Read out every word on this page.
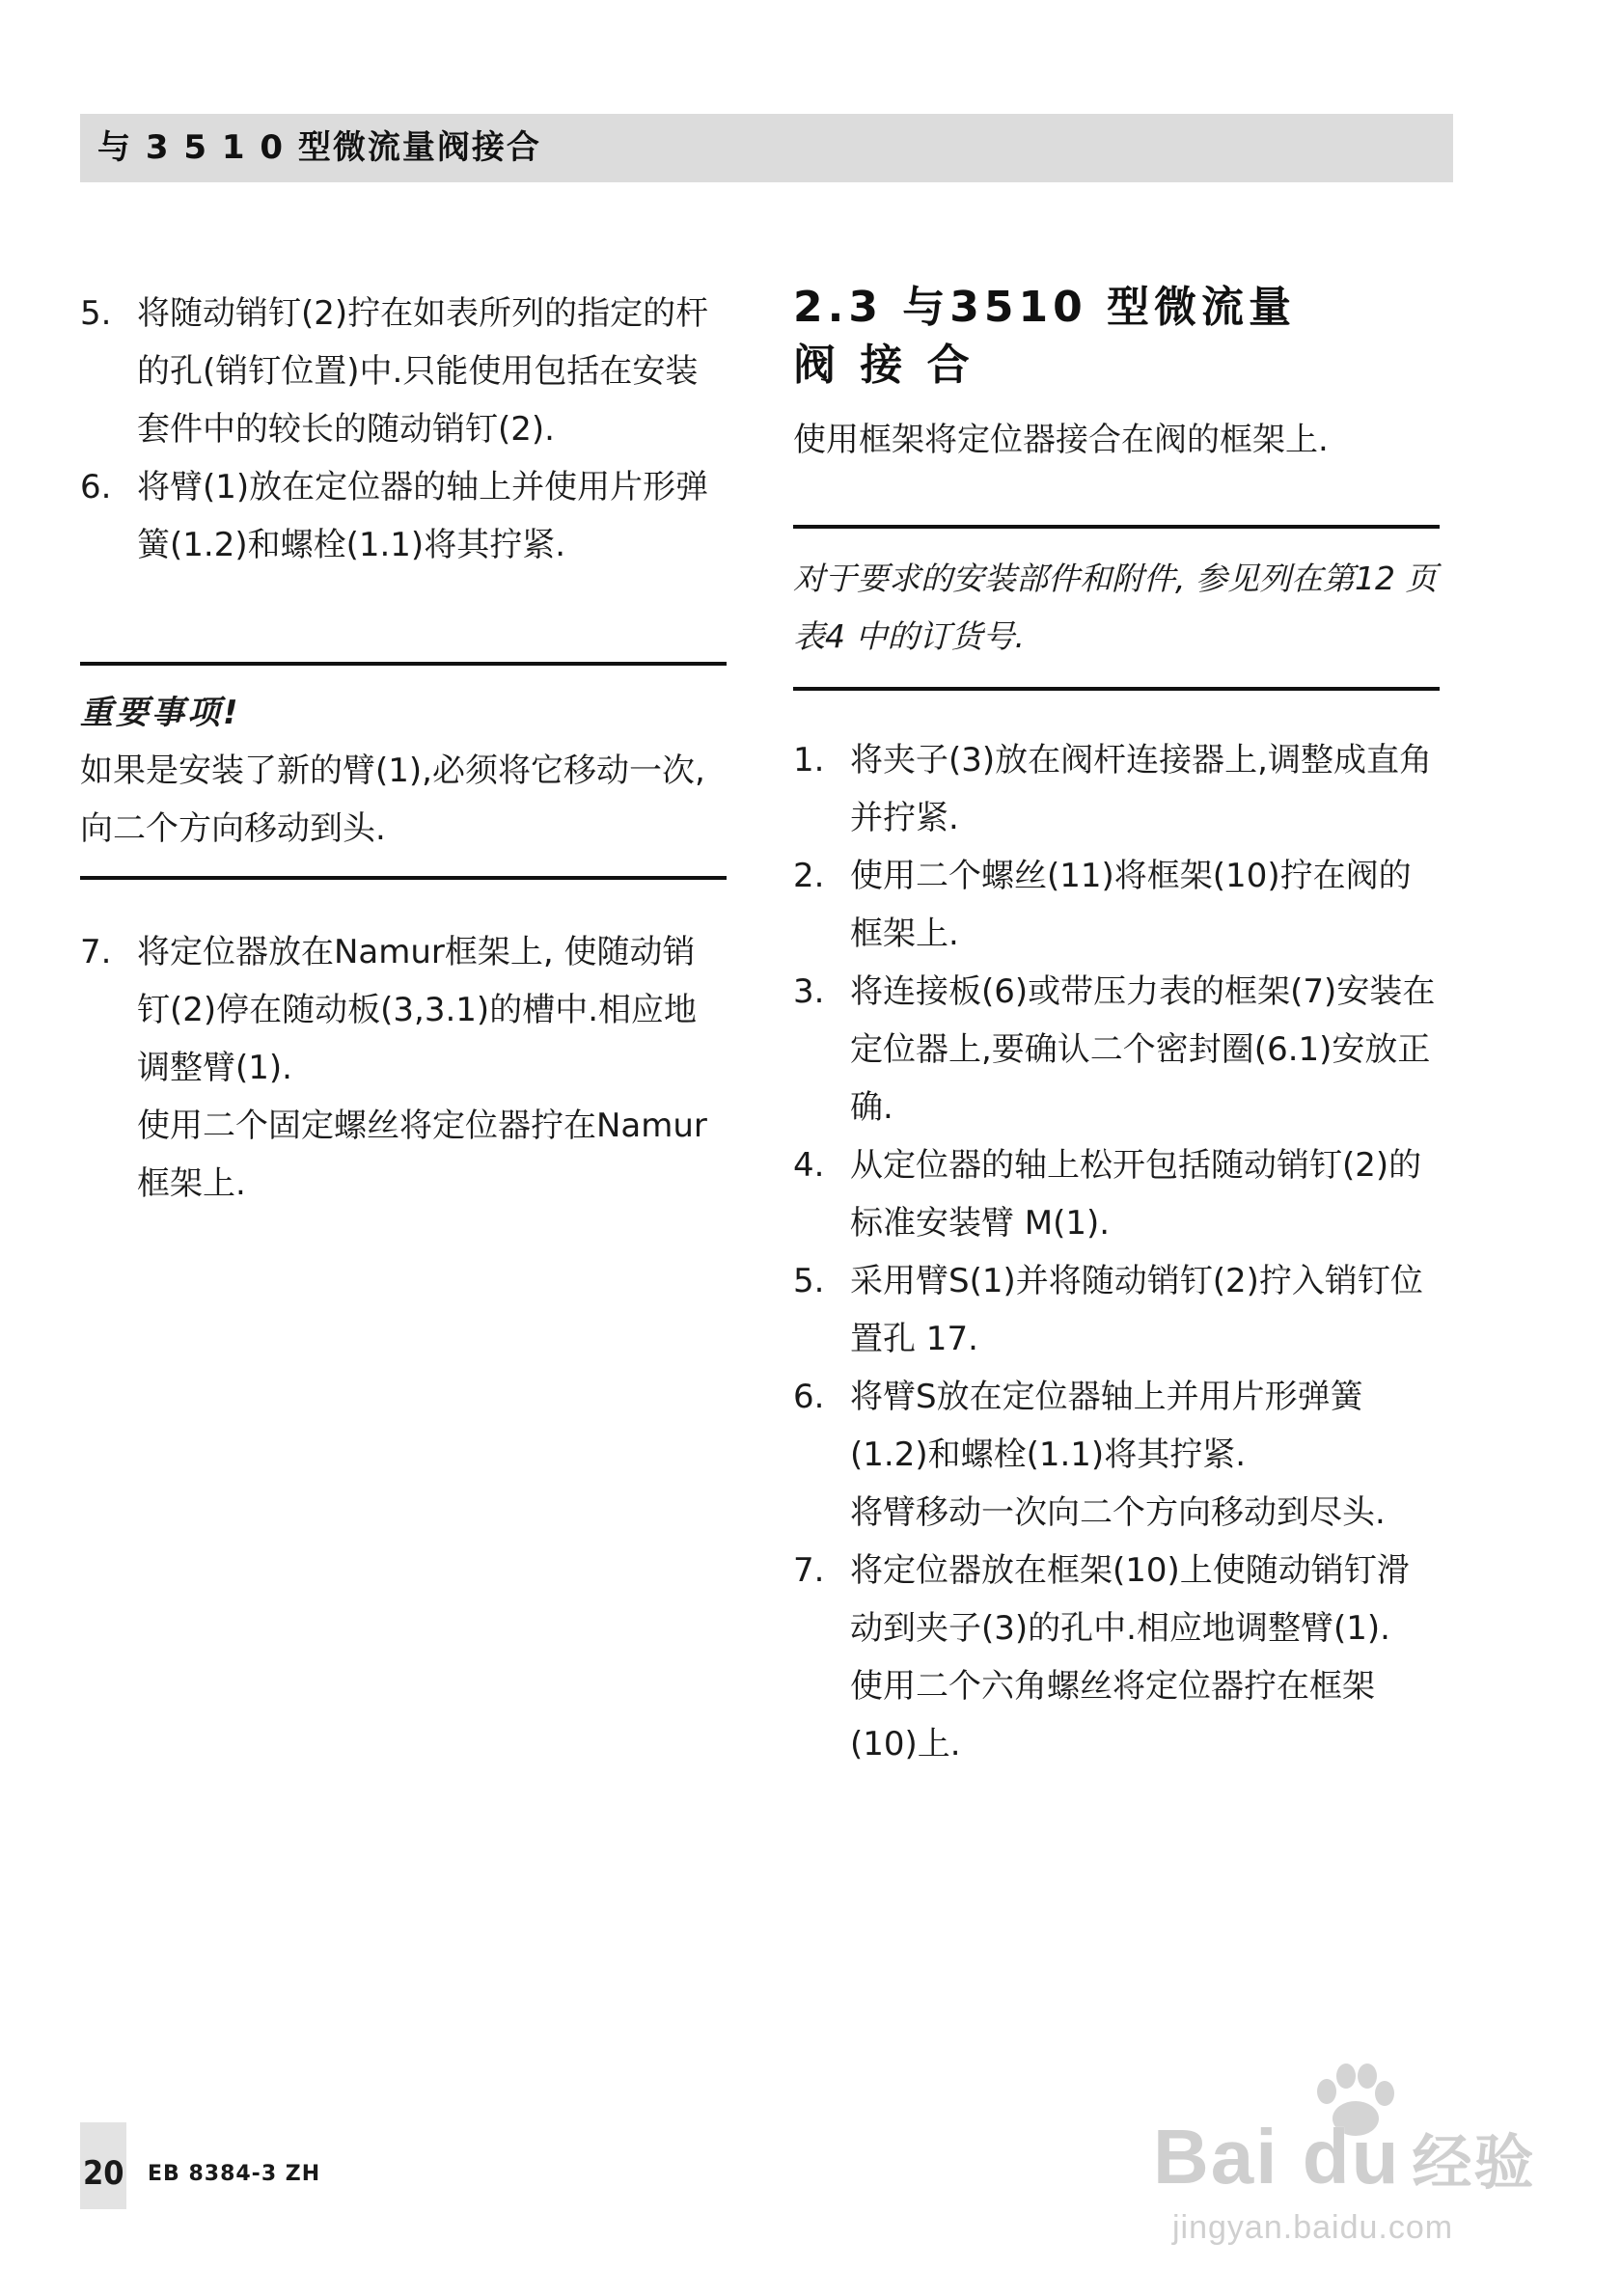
与 3 5 1 0 型微流量阀接合
5. 将随动销钉(2)拧在如表所列的指定的杆的孔(销钉位置)中.只能使用包括在安装套件中的较长的随动销钉(2).
6. 将臂(1)放在定位器的轴上并使用片形弹簧(1.2)和螺栓(1.1)将其拧紧.
重要事项!
如果是安装了新的臂(1),必须将它移动一次,向二个方向移动到头.
7. 将定位器放在Namur框架上, 使随动销钉(2)停在随动板(3,3.1)的槽中.相应地调整臂(1).
使用二个固定螺丝将定位器拧在Namur框架上.
2.3 与3510 型微流量
阀 接 合
使用框架将定位器接合在阀的框架上.
对于要求的安装部件和附件, 参见列在第12 页表4 中的订货号.
1. 将夹子(3)放在阀杆连接器上,调整成直角并拧紧.
2. 使用二个螺丝(11)将框架(10)拧在阀的框架上.
3. 将连接板(6)或带压力表的框架(7)安装在定位器上,要确认二个密封圈(6.1)安放正确.
4. 从定位器的轴上松开包括随动销钉(2)的标准安装臂 M(1).
5. 采用臂S(1)并将随动销钉(2)拧入销钉位置孔 17.
6. 将臂S放在定位器轴上并用片形弹簧(1.2)和螺栓(1.1)将其拧紧.
将臂移动一次向二个方向移动到尽头.
7. 将定位器放在框架(10)上使随动销钉滑动到夹子(3)的孔中.相应地调整臂(1).
使用二个六角螺丝将定位器拧在框架(10)上.
20 EB 8384-3 ZH	Bai du 经验
jingyan.baidu.com
